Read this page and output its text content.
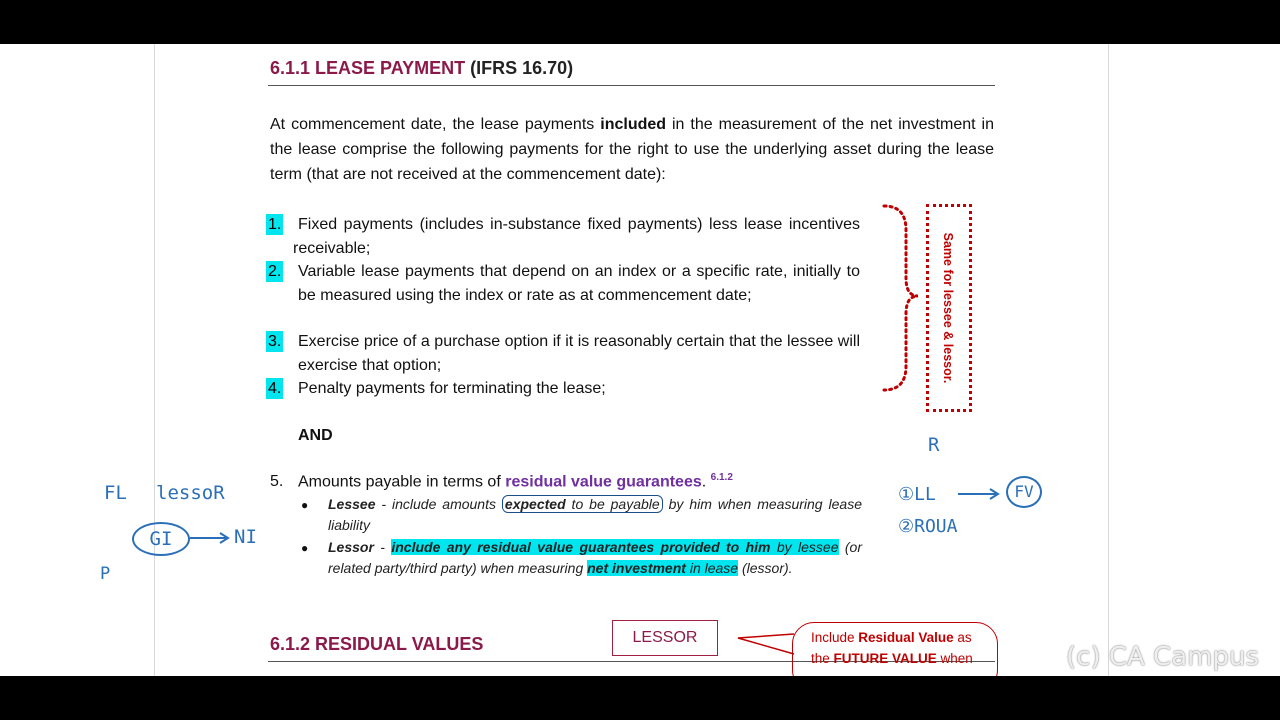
6.1.1 LEASE PAYMENT (IFRS 16.70)
At commencement date, the lease payments included in the measurement of the net investment in the lease comprise the following payments for the right to use the underlying asset during the lease term (that are not received at the commencement date):
1.
2.
3.
4.
Fixed payments (includes in-substance fixed payments) less lease incentives receivable;
Variable lease payments that depend on an index or a specific rate, initially to be measured using the index or rate as at commencement date;
Exercise price of a purchase option if it is reasonably certain that the lessee will exercise that option;
Penalty payments for terminating the lease;
AND
5. Amounts payable in terms of residual value guarantees. $^{6.1.2}$
● Lessee - include amounts expected to be payable by him when measuring lease liability
● Lessor - include any residual value guarantees provided to him by lessee (or related party/third party) when measuring net investment in lease (lessor).
Same for lessee & lessor.
FL lessoR
GI	NI
P
R
①LL	FV
②ROUA
6.1.2 RESIDUAL VALUES	LESSOR	Include Residual Value as
the FUTURE VALUE when	(c) CA Campus
